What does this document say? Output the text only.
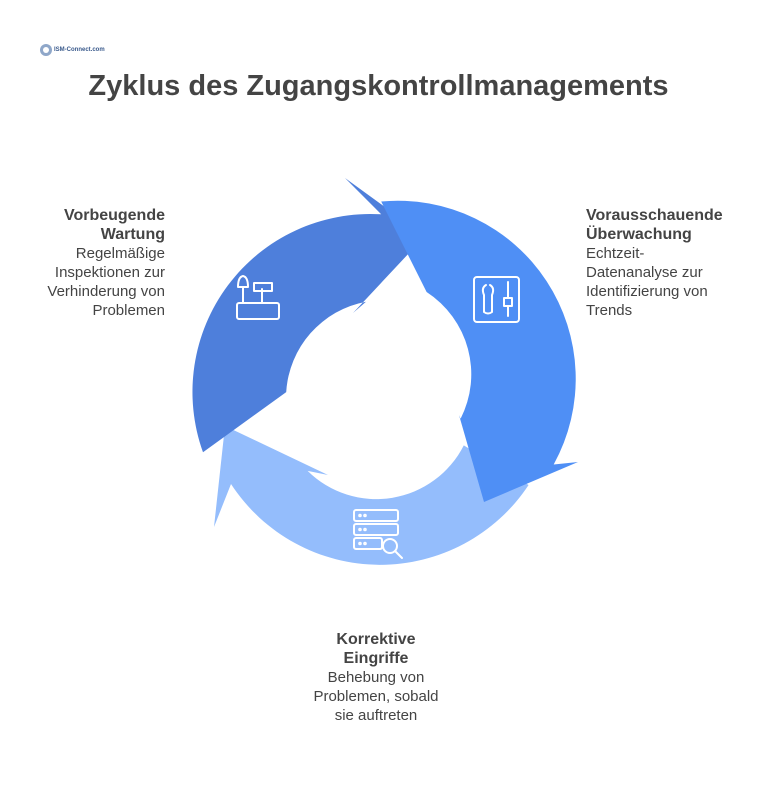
ISM-Connect.com
Zyklus des Zugangskontrollmanagements
Vorbeugende
Wartung
Regelmäßige
Inspektionen zur
Verhinderung von
Problemen
Vorausschauende
Überwachung
Echtzeit-
Datenanalyse zur
Identifizierung von
Trends
Korrektive
Eingriffe
Behebung von
Problemen, sobald
sie auftreten
